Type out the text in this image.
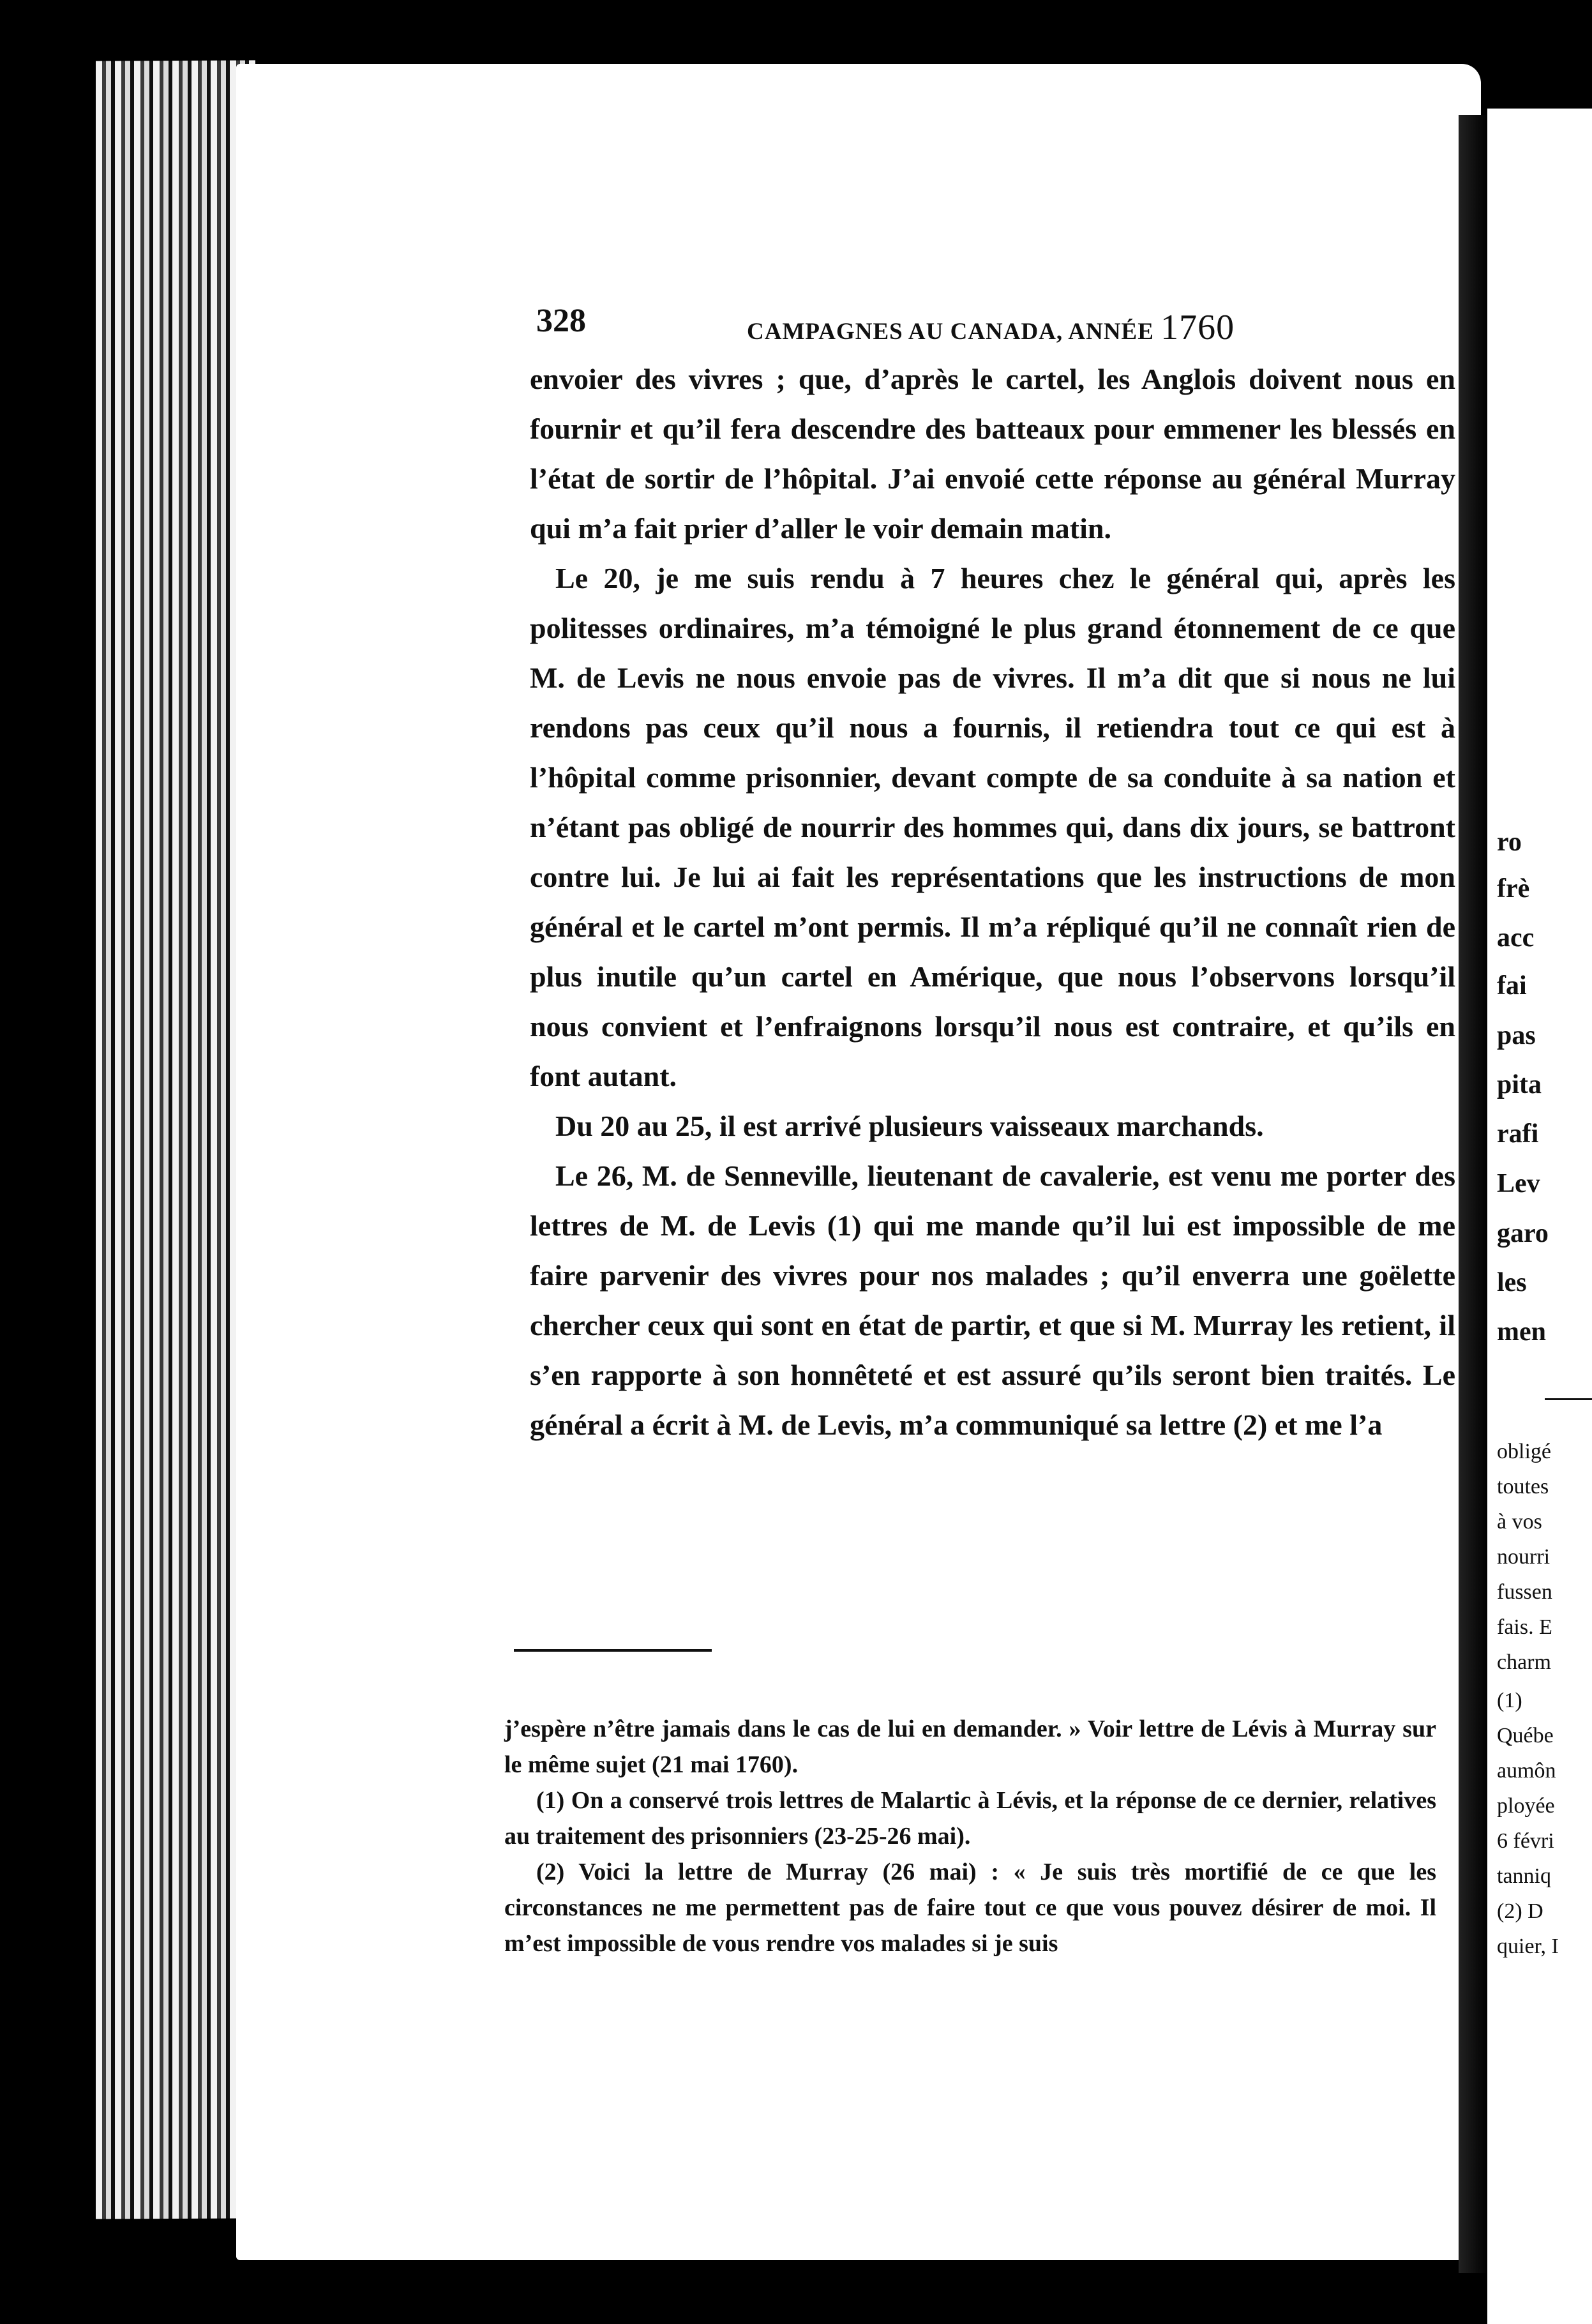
ro
frè
acc
fai
pas
pita
rafi
Lev
garo
les
men
obligé
toutes
à vos
nourri
fussen
fais. E
charm
(1)
Québe
aumôn
ployée
6 févri
tanniq
(2) D
quier, I
328	CAMPAGNES AU CANADA, ANNÉE 1760

envoier des vivres ; que, d’après le cartel, les Anglois doivent nous en fournir et qu’il fera descendre des batteaux pour emmener les blessés en l’état de sortir de l’hôpital. J’ai envoié cette réponse au général Murray qui m’a fait prier d’aller le voir demain matin.

Le 20, je me suis rendu à 7 heures chez le général qui, après les politesses ordinaires, m’a témoigné le plus grand étonnement de ce que M. de Levis ne nous envoie pas de vivres. Il m’a dit que si nous ne lui rendons pas ceux qu’il nous a fournis, il retiendra tout ce qui est à l’hôpital comme prisonnier, devant compte de sa conduite à sa nation et n’étant pas obligé de nourrir des hommes qui, dans dix jours, se battront contre lui. Je lui ai fait les représentations que les instructions de mon général et le cartel m’ont permis. Il m’a répliqué qu’il ne connaît rien de plus inutile qu’un cartel en Amérique, que nous l’observons lorsqu’il nous convient et l’enfraignons lorsqu’il nous est contraire, et qu’ils en font autant.

Du 20 au 25, il est arrivé plusieurs vaisseaux marchands.

Le 26, M. de Senneville, lieutenant de cavalerie, est venu me porter des lettres de M. de Levis (1) qui me mande qu’il lui est impossible de me faire parvenir des vivres pour nos malades ; qu’il enverra une goëlette chercher ceux qui sont en état de partir, et que si M. Murray les retient, il s’en rapporte à son honnêteté et est assuré qu’ils seront bien traités. Le général a écrit à M. de Levis, m’a communiqué sa lettre (2) et me l’a

j’espère n’être jamais dans le cas de lui en demander. » Voir lettre de Lévis à Murray sur le même sujet (21 mai 1760).

(1) On a conservé trois lettres de Malartic à Lévis, et la réponse de ce dernier, relatives au traitement des prisonniers (23-25-26 mai).

(2) Voici la lettre de Murray (26 mai) : « Je suis très mortifié de ce que les circonstances ne me permettent pas de faire tout ce que vous pouvez désirer de moi. Il m’est impossible de vous rendre vos malades si je suis
